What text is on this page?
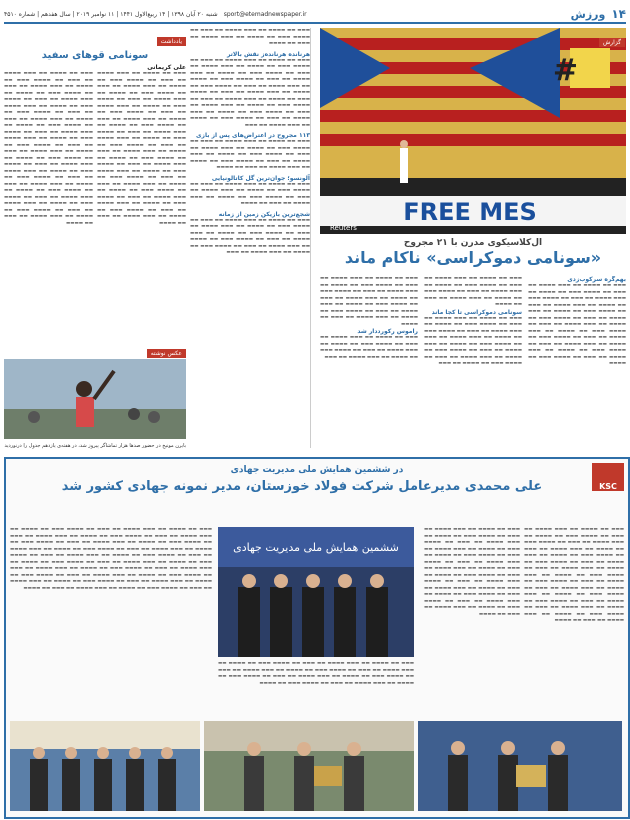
۱۴
ورزش
sport@etemadnewspaper.ir
شنبه ۲۰ آبان ۱۳۹۸ | ۱۴ ربیع‌الاول ۱۴۴۱ | ۱۱ نوامبر ۲۰۱۹ | سال هفدهم | شماره ۴۵۱۰
#
FREE MES
Reuters
گزارش
ال‌کلاسیکوی مدرن با ۲۱ مجروح
«سونامی دموکراسی» ناکام ماند
بهم‌گره سرکوب‌زدی
▬▬▬ ▬▬ ▬▬▬▬ ▬▬ ▬▬▬ ▬▬▬▬ ▬▬ ▬▬▬ ▬▬ ▬▬▬▬ ▬▬▬ ▬▬ ▬▬▬▬ ▬▬ ▬▬▬ ▬▬▬▬ ▬▬ ▬▬▬ ▬▬ ▬▬▬▬ ▬▬▬ ▬▬ ▬▬▬▬ ▬▬ ▬▬▬ ▬▬▬▬ ▬▬ ▬▬▬ ▬▬ ▬▬▬▬ ▬▬▬ ▬▬ ▬▬▬▬ ▬▬ ▬▬▬ ▬▬▬▬ ▬▬ ▬▬▬ ▬▬ ▬▬▬▬ ▬▬▬ ▬▬ ▬▬▬▬ ▬▬ ▬▬▬ ▬▬▬▬ ▬▬ ▬▬▬ ▬▬ ▬▬▬▬ ▬▬▬ ▬▬ ▬▬▬▬ ▬▬ ▬▬▬ ▬▬▬▬ ▬▬ ▬▬▬ ▬▬ ▬▬▬▬ ▬▬▬ ▬▬ ▬▬▬▬ ▬▬ ▬▬▬ ▬▬▬▬ ▬▬ ▬▬▬ ▬▬ ▬▬▬▬ ▬▬▬ ▬▬ ▬▬▬▬ ▬▬ ▬▬▬ ▬▬▬▬ ▬▬ ▬▬▬ ▬▬ ▬▬▬▬ ▬▬▬ ▬▬ ▬▬▬▬
▬▬▬ ▬▬ ▬▬▬▬ ▬▬ ▬▬▬ ▬▬▬▬ ▬▬ ▬▬▬ ▬▬ ▬▬▬▬ ▬▬▬ ▬▬ ▬▬▬▬ ▬▬ ▬▬▬ ▬▬▬▬ ▬▬ ▬▬▬ ▬▬ ▬▬▬▬ ▬▬▬ ▬▬ ▬▬▬▬ ▬▬ ▬▬▬ ▬▬▬▬ ▬▬ ▬▬▬ ▬▬ ▬▬▬▬
سونامی دموکراسی تا کجا ماند
▬▬▬ ▬▬ ▬▬▬▬ ▬▬ ▬▬▬ ▬▬▬▬ ▬▬ ▬▬▬ ▬▬ ▬▬▬▬ ▬▬▬ ▬▬ ▬▬▬▬ ▬▬ ▬▬▬ ▬▬▬▬ ▬▬ ▬▬▬ ▬▬ ▬▬▬▬ ▬▬▬ ▬▬ ▬▬▬▬ ▬▬ ▬▬▬ ▬▬▬▬ ▬▬ ▬▬▬ ▬▬ ▬▬▬▬ ▬▬▬ ▬▬ ▬▬▬▬ ▬▬ ▬▬▬ ▬▬▬▬ ▬▬ ▬▬▬ ▬▬ ▬▬▬▬ ▬▬▬ ▬▬ ▬▬▬▬ ▬▬ ▬▬▬ ▬▬▬▬ ▬▬ ▬▬▬ ▬▬ ▬▬▬▬ ▬▬▬ ▬▬ ▬▬▬▬ ▬▬ ▬▬▬
▬▬▬ ▬▬ ▬▬▬▬ ▬▬ ▬▬▬ ▬▬▬▬ ▬▬ ▬▬▬ ▬▬ ▬▬▬▬ ▬▬▬ ▬▬ ▬▬▬▬ ▬▬ ▬▬▬ ▬▬▬▬ ▬▬ ▬▬▬ ▬▬ ▬▬▬▬ ▬▬▬ ▬▬ ▬▬▬▬ ▬▬ ▬▬▬ ▬▬▬▬ ▬▬ ▬▬▬ ▬▬ ▬▬▬▬ ▬▬▬ ▬▬ ▬▬▬▬ ▬▬ ▬▬▬ ▬▬▬▬ ▬▬ ▬▬▬ ▬▬ ▬▬▬▬ ▬▬▬ ▬▬ ▬▬▬▬ ▬▬ ▬▬▬ ▬▬▬▬ ▬▬ ▬▬▬ ▬▬ ▬▬▬▬
راموس رکورددار شد
▬▬▬ ▬▬ ▬▬▬▬ ▬▬ ▬▬▬ ▬▬▬▬ ▬▬ ▬▬▬ ▬▬ ▬▬▬▬ ▬▬▬ ▬▬ ▬▬▬▬ ▬▬ ▬▬▬ ▬▬▬▬ ▬▬ ▬▬▬ ▬▬ ▬▬▬▬ ▬▬▬ ▬▬ ▬▬▬▬ ▬▬ ▬▬▬ ▬▬▬▬ ▬▬ ▬▬▬
▬▬▬ ▬▬ ▬▬▬▬ ▬▬ ▬▬▬ ▬▬▬▬ ▬▬ ▬▬▬ ▬▬ ▬▬▬▬ ▬▬▬ ▬▬ ▬▬▬▬ ▬▬ ▬▬▬ ▬▬▬▬ ▬▬ ▬▬▬ ▬▬ ▬▬▬▬
هرنانده هرنانده‌ز نقش بالاتر
▬▬▬ ▬▬ ▬▬▬▬ ▬▬ ▬▬▬ ▬▬▬▬ ▬▬ ▬▬▬ ▬▬ ▬▬▬▬ ▬▬▬ ▬▬ ▬▬▬▬ ▬▬ ▬▬▬ ▬▬▬▬ ▬▬ ▬▬▬ ▬▬ ▬▬▬▬ ▬▬▬ ▬▬ ▬▬▬▬ ▬▬ ▬▬▬ ▬▬▬▬ ▬▬ ▬▬▬ ▬▬ ▬▬▬▬ ▬▬▬ ▬▬ ▬▬▬▬ ▬▬ ▬▬▬ ▬▬▬▬ ▬▬ ▬▬▬ ▬▬ ▬▬▬▬ ▬▬▬ ▬▬ ▬▬▬▬ ▬▬ ▬▬▬ ▬▬▬▬ ▬▬ ▬▬▬ ▬▬ ▬▬▬▬ ▬▬▬ ▬▬ ▬▬▬▬ ▬▬ ▬▬▬ ▬▬▬▬ ▬▬ ▬▬▬ ▬▬ ▬▬▬▬ ▬▬▬ ▬▬ ▬▬▬▬ ▬▬ ▬▬▬ ▬▬▬▬ ▬▬ ▬▬▬ ▬▬ ▬▬▬▬ ▬▬▬ ▬▬ ▬▬▬▬ ▬▬ ▬▬▬ ▬▬▬▬ ▬▬ ▬▬▬ ▬▬ ▬▬▬▬ ▬▬▬ ▬▬ ▬▬▬▬ ▬▬ ▬▬▬ ▬▬▬▬ ▬▬ ▬▬▬
۱۱۳ مجروح در اعتراض‌های پس از بازی
▬▬▬ ▬▬ ▬▬▬▬ ▬▬ ▬▬▬ ▬▬▬▬ ▬▬ ▬▬▬ ▬▬ ▬▬▬▬ ▬▬▬ ▬▬ ▬▬▬▬ ▬▬ ▬▬▬ ▬▬▬▬ ▬▬ ▬▬▬ ▬▬ ▬▬▬▬ ▬▬▬ ▬▬ ▬▬▬▬ ▬▬ ▬▬▬ ▬▬▬▬ ▬▬ ▬▬▬ ▬▬ ▬▬▬▬ ▬▬▬ ▬▬ ▬▬▬▬ ▬▬ ▬▬▬ ▬▬▬▬ ▬▬ ▬▬▬ ▬▬ ▬▬▬▬
آلونسو؛ جوان‌ترین گل کاتالونیایی
▬▬▬ ▬▬ ▬▬▬▬ ▬▬ ▬▬▬ ▬▬▬▬ ▬▬ ▬▬▬ ▬▬ ▬▬▬▬ ▬▬▬ ▬▬ ▬▬▬▬ ▬▬ ▬▬▬ ▬▬▬▬ ▬▬ ▬▬▬ ▬▬ ▬▬▬▬ ▬▬▬ ▬▬ ▬▬▬▬ ▬▬ ▬▬▬ ▬▬▬▬ ▬▬ ▬▬▬ ▬▬ ▬▬▬▬
شجع‌ترین بازیکن زمین از زمانه
▬▬▬ ▬▬ ▬▬▬▬ ▬▬ ▬▬▬ ▬▬▬▬ ▬▬ ▬▬▬ ▬▬ ▬▬▬▬ ▬▬▬ ▬▬ ▬▬▬▬ ▬▬ ▬▬▬ ▬▬▬▬ ▬▬ ▬▬▬ ▬▬ ▬▬▬▬ ▬▬▬ ▬▬ ▬▬▬▬ ▬▬ ▬▬▬ ▬▬▬▬ ▬▬ ▬▬▬ ▬▬ ▬▬▬▬ ▬▬▬ ▬▬ ▬▬▬▬ ▬▬ ▬▬▬ ▬▬▬▬ ▬▬ ▬▬▬ ▬▬ ▬▬▬▬ ▬▬▬ ▬▬ ▬▬▬▬ ▬▬ ▬▬▬ ▬▬▬▬ ▬▬ ▬▬▬
یادداشت
سونامی قوهای سفید
علی کریمانی
▬▬▬ ▬▬ ▬▬▬▬ ▬▬ ▬▬▬ ▬▬▬▬ ▬▬ ▬▬▬ ▬▬ ▬▬▬▬ ▬▬▬ ▬▬ ▬▬▬▬ ▬▬ ▬▬▬ ▬▬▬▬ ▬▬ ▬▬▬ ▬▬ ▬▬▬▬ ▬▬▬ ▬▬ ▬▬▬▬ ▬▬ ▬▬▬ ▬▬▬▬ ▬▬ ▬▬▬ ▬▬ ▬▬▬▬ ▬▬▬ ▬▬ ▬▬▬▬ ▬▬ ▬▬▬ ▬▬▬▬ ▬▬ ▬▬▬ ▬▬ ▬▬▬▬ ▬▬▬ ▬▬ ▬▬▬▬ ▬▬ ▬▬▬ ▬▬▬▬ ▬▬ ▬▬▬ ▬▬ ▬▬▬▬ ▬▬▬ ▬▬ ▬▬▬▬ ▬▬ ▬▬▬ ▬▬▬▬ ▬▬ ▬▬▬ ▬▬ ▬▬▬▬ ▬▬▬ ▬▬ ▬▬▬▬ ▬▬ ▬▬▬ ▬▬▬▬ ▬▬ ▬▬▬ ▬▬ ▬▬▬▬ ▬▬▬ ▬▬ ▬▬▬▬ ▬▬ ▬▬▬ ▬▬▬▬ ▬▬ ▬▬▬ ▬▬ ▬▬▬▬ ▬▬▬ ▬▬ ▬▬▬▬ ▬▬ ▬▬▬ ▬▬▬▬ ▬▬ ▬▬▬ ▬▬ ▬▬▬▬ ▬▬▬ ▬▬ ▬▬▬▬ ▬▬ ▬▬▬ ▬▬▬▬ ▬▬ ▬▬▬ ▬▬ ▬▬▬▬ ▬▬▬ ▬▬ ▬▬▬▬ ▬▬ ▬▬▬ ▬▬▬▬ ▬▬ ▬▬▬ ▬▬ ▬▬▬▬ ▬▬▬ ▬▬ ▬▬▬▬ ▬▬ ▬▬▬ ▬▬▬▬ ▬▬ ▬▬▬ ▬▬ ▬▬▬▬ ▬▬▬ ▬▬ ▬▬▬▬ ▬▬ ▬▬▬ ▬▬▬▬ ▬▬ ▬▬▬ ▬▬ ▬▬▬▬ ▬▬▬ ▬▬ ▬▬▬▬ ▬▬ ▬▬▬ ▬▬▬▬ ▬▬ ▬▬▬ ▬▬ ▬▬▬▬
▬▬▬ ▬▬ ▬▬▬▬ ▬▬ ▬▬▬ ▬▬▬▬ ▬▬ ▬▬▬ ▬▬ ▬▬▬▬ ▬▬▬ ▬▬ ▬▬▬▬ ▬▬ ▬▬▬ ▬▬▬▬ ▬▬ ▬▬▬ ▬▬ ▬▬▬▬ ▬▬▬ ▬▬ ▬▬▬▬ ▬▬ ▬▬▬ ▬▬▬▬ ▬▬ ▬▬▬ ▬▬ ▬▬▬▬ ▬▬▬ ▬▬ ▬▬▬▬ ▬▬ ▬▬▬ ▬▬▬▬ ▬▬ ▬▬▬ ▬▬ ▬▬▬▬ ▬▬▬ ▬▬ ▬▬▬▬ ▬▬ ▬▬▬ ▬▬▬▬ ▬▬ ▬▬▬ ▬▬ ▬▬▬▬ ▬▬▬ ▬▬ ▬▬▬▬ ▬▬ ▬▬▬ ▬▬▬▬ ▬▬ ▬▬▬ ▬▬ ▬▬▬▬ ▬▬▬ ▬▬ ▬▬▬▬ ▬▬ ▬▬▬ ▬▬▬▬ ▬▬ ▬▬▬ ▬▬ ▬▬▬▬ ▬▬▬ ▬▬ ▬▬▬▬ ▬▬ ▬▬▬ ▬▬▬▬ ▬▬ ▬▬▬ ▬▬ ▬▬▬▬ ▬▬▬ ▬▬ ▬▬▬▬ ▬▬ ▬▬▬ ▬▬▬▬ ▬▬ ▬▬▬ ▬▬ ▬▬▬▬ ▬▬▬ ▬▬ ▬▬▬▬ ▬▬ ▬▬▬ ▬▬▬▬ ▬▬ ▬▬▬ ▬▬ ▬▬▬▬ ▬▬▬ ▬▬ ▬▬▬▬ ▬▬ ▬▬▬ ▬▬▬▬ ▬▬ ▬▬▬ ▬▬ ▬▬▬▬ ▬▬▬ ▬▬ ▬▬▬▬ ▬▬ ▬▬▬ ▬▬▬▬ ▬▬ ▬▬▬ ▬▬ ▬▬▬▬ ▬▬▬ ▬▬ ▬▬▬▬ ▬▬ ▬▬▬ ▬▬▬▬ ▬▬ ▬▬▬ ▬▬ ▬▬▬▬ ▬▬▬ ▬▬ ▬▬▬▬ ▬▬ ▬▬▬ ▬▬▬▬ ▬▬ ▬▬▬ ▬▬ ▬▬▬▬
عکس نوشته
بایرن مونیخ در حضور صدها هزار تماشاگر پیروز شد، در هفته‌ی یازدهم جدول را درنوردید
KSC
در ششمین همایش ملی مدیریت جهادی
علی محمدی مدیرعامل شرکت فولاد خوزستان، مدیر نمونه جهادی کشور شد
ششمین همایش ملی مدیریت جهادی
▬▬▬ ▬▬ ▬▬▬▬ ▬▬ ▬▬▬ ▬▬▬▬ ▬▬ ▬▬▬ ▬▬ ▬▬▬▬ ▬▬▬ ▬▬ ▬▬▬▬ ▬▬ ▬▬▬ ▬▬▬▬ ▬▬ ▬▬▬ ▬▬ ▬▬▬▬ ▬▬▬ ▬▬ ▬▬▬▬ ▬▬ ▬▬▬ ▬▬▬▬ ▬▬ ▬▬▬ ▬▬ ▬▬▬▬ ▬▬▬ ▬▬ ▬▬▬▬ ▬▬ ▬▬▬ ▬▬▬▬ ▬▬ ▬▬▬ ▬▬ ▬▬▬▬ ▬▬▬ ▬▬ ▬▬▬▬ ▬▬ ▬▬▬ ▬▬▬▬ ▬▬ ▬▬▬ ▬▬ ▬▬▬▬ ▬▬▬ ▬▬ ▬▬▬▬ ▬▬ ▬▬▬ ▬▬▬▬ ▬▬ ▬▬▬ ▬▬ ▬▬▬▬ ▬▬▬ ▬▬ ▬▬▬▬ ▬▬ ▬▬▬ ▬▬▬▬ ▬▬ ▬▬▬ ▬▬ ▬▬▬▬ ▬▬▬ ▬▬ ▬▬▬▬ ▬▬ ▬▬▬ ▬▬▬▬ ▬▬ ▬▬▬ ▬▬ ▬▬▬▬ ▬▬▬ ▬▬ ▬▬▬▬ ▬▬ ▬▬▬ ▬▬▬▬ ▬▬ ▬▬▬ ▬▬ ▬▬▬▬ ▬▬▬ ▬▬ ▬▬▬▬ ▬▬ ▬▬▬ ▬▬▬▬ ▬▬ ▬▬▬ ▬▬ ▬▬▬▬
▬▬▬ ▬▬ ▬▬▬▬ ▬▬ ▬▬▬ ▬▬▬▬ ▬▬ ▬▬▬ ▬▬ ▬▬▬▬ ▬▬▬ ▬▬ ▬▬▬▬ ▬▬ ▬▬▬ ▬▬▬▬ ▬▬ ▬▬▬ ▬▬ ▬▬▬▬ ▬▬▬ ▬▬ ▬▬▬▬ ▬▬ ▬▬▬ ▬▬▬▬ ▬▬ ▬▬▬ ▬▬ ▬▬▬▬ ▬▬▬ ▬▬ ▬▬▬▬ ▬▬ ▬▬▬ ▬▬▬▬ ▬▬ ▬▬▬ ▬▬ ▬▬▬▬ ▬▬▬ ▬▬ ▬▬▬▬ ▬▬ ▬▬▬ ▬▬▬▬ ▬▬ ▬▬▬ ▬▬ ▬▬▬▬ ▬▬▬ ▬▬ ▬▬▬▬ ▬▬ ▬▬▬ ▬▬▬▬ ▬▬ ▬▬▬ ▬▬ ▬▬▬▬ ▬▬▬ ▬▬ ▬▬▬▬ ▬▬ ▬▬▬ ▬▬▬▬ ▬▬ ▬▬▬ ▬▬ ▬▬▬▬ ▬▬▬ ▬▬ ▬▬▬▬ ▬▬ ▬▬▬ ▬▬▬▬ ▬▬ ▬▬▬ ▬▬ ▬▬▬▬ ▬▬▬ ▬▬ ▬▬▬▬ ▬▬ ▬▬▬ ▬▬▬▬ ▬▬ ▬▬▬ ▬▬ ▬▬▬▬
▬▬▬ ▬▬ ▬▬▬▬ ▬▬ ▬▬▬ ▬▬▬▬ ▬▬ ▬▬▬ ▬▬ ▬▬▬▬ ▬▬▬ ▬▬ ▬▬▬▬ ▬▬ ▬▬▬ ▬▬▬▬ ▬▬ ▬▬▬ ▬▬ ▬▬▬▬ ▬▬▬ ▬▬ ▬▬▬▬ ▬▬ ▬▬▬ ▬▬▬▬ ▬▬ ▬▬▬ ▬▬ ▬▬▬▬ ▬▬▬ ▬▬ ▬▬▬▬ ▬▬ ▬▬▬ ▬▬▬▬ ▬▬ ▬▬▬ ▬▬ ▬▬▬▬ ▬▬▬ ▬▬ ▬▬▬▬ ▬▬ ▬▬▬ ▬▬▬▬ ▬▬ ▬▬▬ ▬▬ ▬▬▬▬ ▬▬▬ ▬▬ ▬▬▬▬
▬▬▬ ▬▬ ▬▬▬▬ ▬▬ ▬▬▬ ▬▬▬▬ ▬▬ ▬▬▬ ▬▬ ▬▬▬▬ ▬▬▬ ▬▬ ▬▬▬▬ ▬▬ ▬▬▬ ▬▬▬▬ ▬▬ ▬▬▬ ▬▬ ▬▬▬▬ ▬▬▬ ▬▬ ▬▬▬▬ ▬▬ ▬▬▬ ▬▬▬▬ ▬▬ ▬▬▬ ▬▬ ▬▬▬▬ ▬▬▬ ▬▬ ▬▬▬▬ ▬▬ ▬▬▬ ▬▬▬▬ ▬▬ ▬▬▬ ▬▬ ▬▬▬▬ ▬▬▬ ▬▬ ▬▬▬▬ ▬▬ ▬▬▬ ▬▬▬▬ ▬▬ ▬▬▬ ▬▬ ▬▬▬▬ ▬▬▬ ▬▬ ▬▬▬▬ ▬▬ ▬▬▬ ▬▬▬▬ ▬▬ ▬▬▬ ▬▬ ▬▬▬▬ ▬▬▬ ▬▬ ▬▬▬▬ ▬▬ ▬▬▬ ▬▬▬▬ ▬▬ ▬▬▬ ▬▬ ▬▬▬▬ ▬▬▬ ▬▬ ▬▬▬▬ ▬▬ ▬▬▬ ▬▬▬▬ ▬▬ ▬▬▬ ▬▬ ▬▬▬▬ ▬▬▬ ▬▬ ▬▬▬▬ ▬▬ ▬▬▬ ▬▬▬▬ ▬▬ ▬▬▬ ▬▬ ▬▬▬▬ ▬▬▬ ▬▬ ▬▬▬▬ ▬▬ ▬▬▬ ▬▬▬▬ ▬▬ ▬▬▬ ▬▬ ▬▬▬▬ ▬▬▬ ▬▬ ▬▬▬▬ ▬▬ ▬▬▬ ▬▬▬▬ ▬▬ ▬▬▬ ▬▬ ▬▬▬▬ ▬▬▬ ▬▬ ▬▬▬▬ ▬▬ ▬▬▬ ▬▬▬▬ ▬▬ ▬▬▬ ▬▬ ▬▬▬▬ ▬▬▬ ▬▬ ▬▬▬▬ ▬▬ ▬▬▬ ▬▬▬▬ ▬▬ ▬▬▬ ▬▬ ▬▬▬▬ ▬▬▬ ▬▬ ▬▬▬▬ ▬▬ ▬▬▬ ▬▬▬▬ ▬▬ ▬▬▬ ▬▬ ▬▬▬▬
